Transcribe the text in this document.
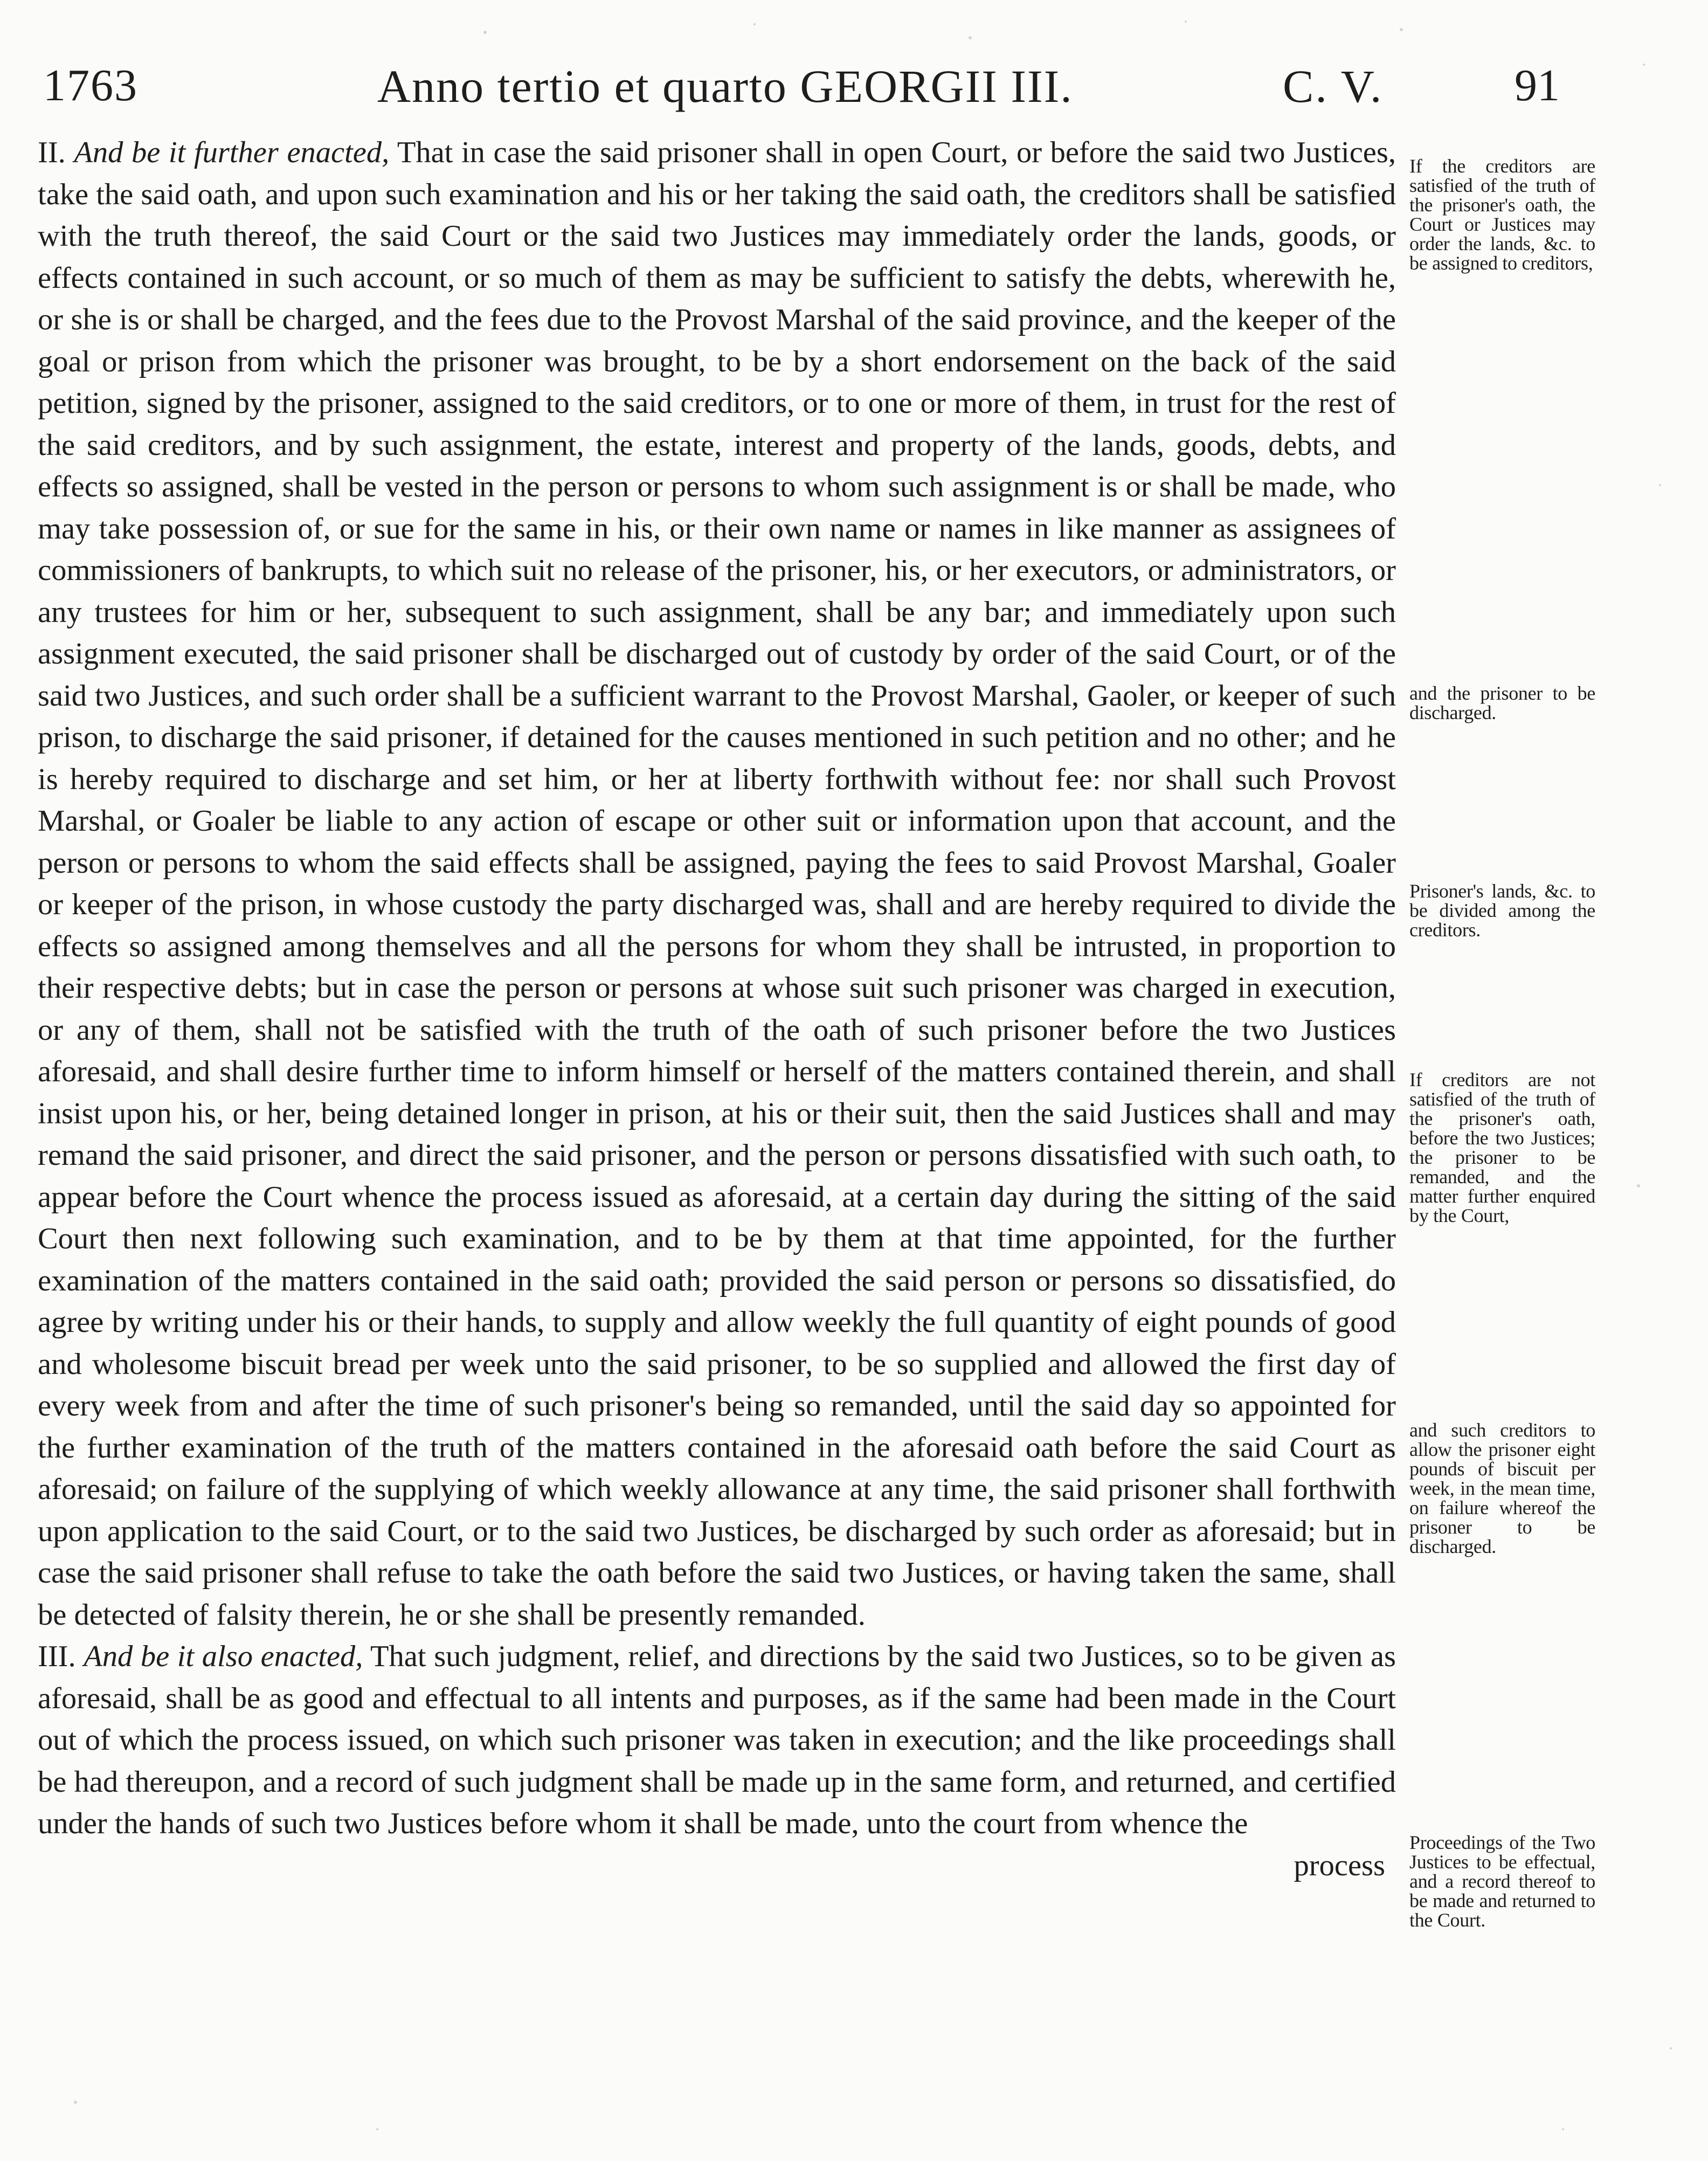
1763	Anno tertio et quarto GEORGII III.	C. V.	91

II. And be it further enacted, That in case the said prisoner shall in open Court, or before the said two Justices, take the said oath, and upon such examination and his or her taking the said oath, the creditors shall be satisfied with the truth thereof, the said Court or the said two Justices may immediately order the lands, goods, or effects contained in such account, or so much of them as may be sufficient to satisfy the debts, wherewith he, or she is or shall be charged, and the fees due to the Provost Marshal of the said province, and the keeper of the goal or prison from which the prisoner was brought, to be by a short endorsement on the back of the said petition, signed by the prisoner, assigned to the said creditors, or to one or more of them, in trust for the rest of the said creditors, and by such assignment, the estate, interest and property of the lands, goods, debts, and effects so assigned, shall be vested in the person or persons to whom such assignment is or shall be made, who may take possession of, or sue for the same in his, or their own name or names in like manner as assignees of commissioners of bankrupts, to which suit no release of the prisoner, his, or her executors, or administrators, or any trustees for him or her, subsequent to such assignment, shall be any bar; and immediately upon such assignment executed, the said prisoner shall be discharged out of custody by order of the said Court, or of the said two Justices, and such order shall be a sufficient warrant to the Provost Marshal, Gaoler, or keeper of such prison, to discharge the said prisoner, if detained for the causes mentioned in such petition and no other; and he is hereby required to discharge and set him, or her at liberty forthwith without fee: nor shall such Provost Marshal, or Goaler be liable to any action of escape or other suit or information upon that account, and the person or persons to whom the said effects shall be assigned, paying the fees to said Provost Marshal, Goaler or keeper of the prison, in whose custody the party discharged was, shall and are hereby required to divide the effects so assigned among themselves and all the persons for whom they shall be intrusted, in proportion to their respective debts; but in case the person or persons at whose suit such prisoner was charged in execution, or any of them, shall not be satisfied with the truth of the oath of such prisoner before the two Justices aforesaid, and shall desire further time to inform himself or herself of the matters contained therein, and shall insist upon his, or her, being detained longer in prison, at his or their suit, then the said Justices shall and may remand the said prisoner, and direct the said prisoner, and the person or persons dissatisfied with such oath, to appear before the Court whence the process issued as aforesaid, at a certain day during the sitting of the said Court then next following such examination, and to be by them at that time appointed, for the further examination of the matters contained in the said oath; provided the said person or persons so dissatisfied, do agree by writing under his or their hands, to supply and allow weekly the full quantity of eight pounds of good and wholesome biscuit bread per week unto the said prisoner, to be so supplied and allowed the first day of every week from and after the time of such prisoner's being so remanded, until the said day so appointed for the further examination of the truth of the matters contained in the aforesaid oath before the said Court as aforesaid; on failure of the supplying of which weekly allowance at any time, the said prisoner shall forthwith upon application to the said Court, or to the said two Justices, be discharged by such order as aforesaid; but in case the said prisoner shall refuse to take the oath before the said two Justices, or having taken the same, shall be detected of falsity therein, he or she shall be presently remanded.

III. And be it also enacted, That such judgment, relief, and directions by the said two Justices, so to be given as aforesaid, shall be as good and effectual to all intents and purposes, as if the same had been made in the Court out of which the process issued, on which such prisoner was taken in execution; and the like proceedings shall be had thereupon, and a record of such judgment shall be made up in the same form, and returned, and certified under the hands of such two Justices before whom it shall be made, unto the court from whence the

process

If the creditors are satisfied of the truth of the prisoner's oath, the Court or Justices may order the lands, &c. to be assigned to creditors,
and the prisoner to be discharged.
Prisoner's lands, &c. to be divided among the creditors.
If creditors are not satisfied of the truth of the prisoner's oath, before the two Justices; the prisoner to be remanded, and the matter further enquired by the Court,
and such creditors to allow the prisoner eight pounds of biscuit per week, in the mean time, on failure whereof the prisoner to be discharged.
Proceedings of the Two Justices to be effectual, and a record thereof to be made and returned to the Court.
